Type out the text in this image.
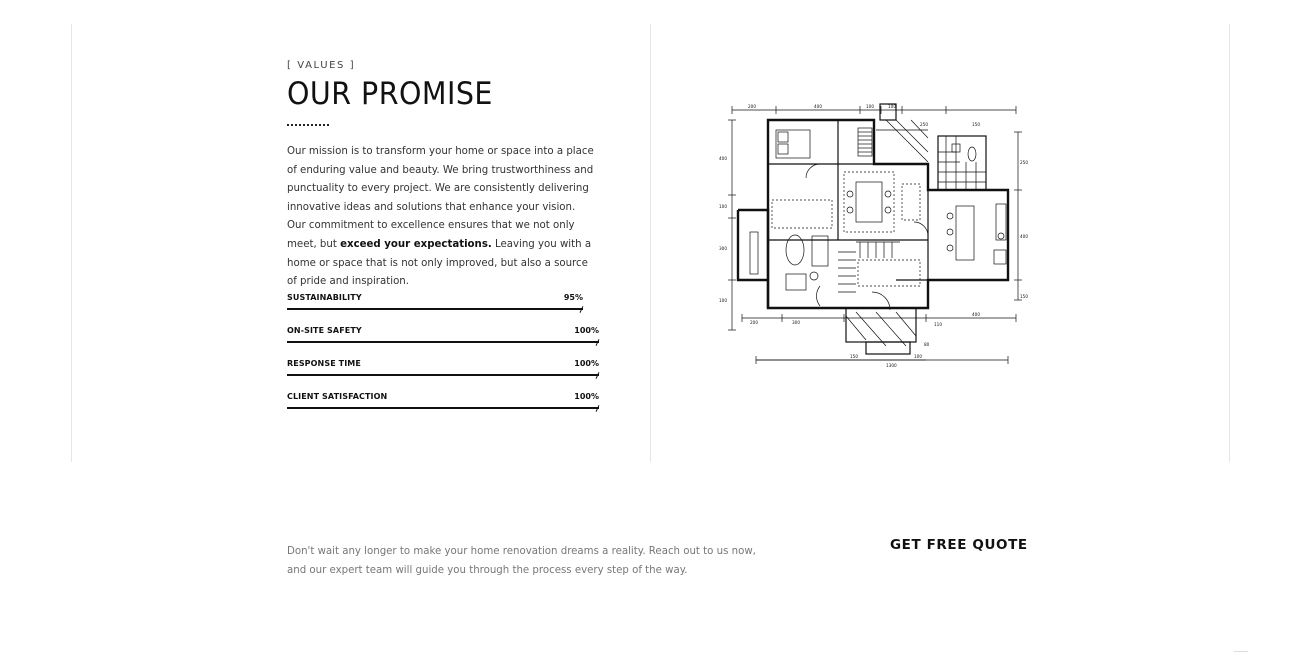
[ VALUES ]
OUR PROMISE

Our mission is to transform your home or space into a place of enduring value and beauty. We bring trustworthiness and punctuality to every project. We are consistently delivering innovative ideas and solutions that enhance your vision. Our commitment to excellence ensures that we not only meet, but exceed your expectations. Leaving you with a home or space that is not only improved, but also a source of pride and inspiration.

SUSTAINABILITY	95%
ON-SITE SAFETY	100%
RESPONSE TIME	100%
CLIENT SATISFACTION	100%
200	400	100	100
250	150
400
100
300
100
250
400
150
200	300
400
110
80
150	100
1300

Don't wait any longer to make your home renovation dreams a reality. Reach out to us now, and our expert team will guide you through the process every step of the way.

GET FREE QUOTE
